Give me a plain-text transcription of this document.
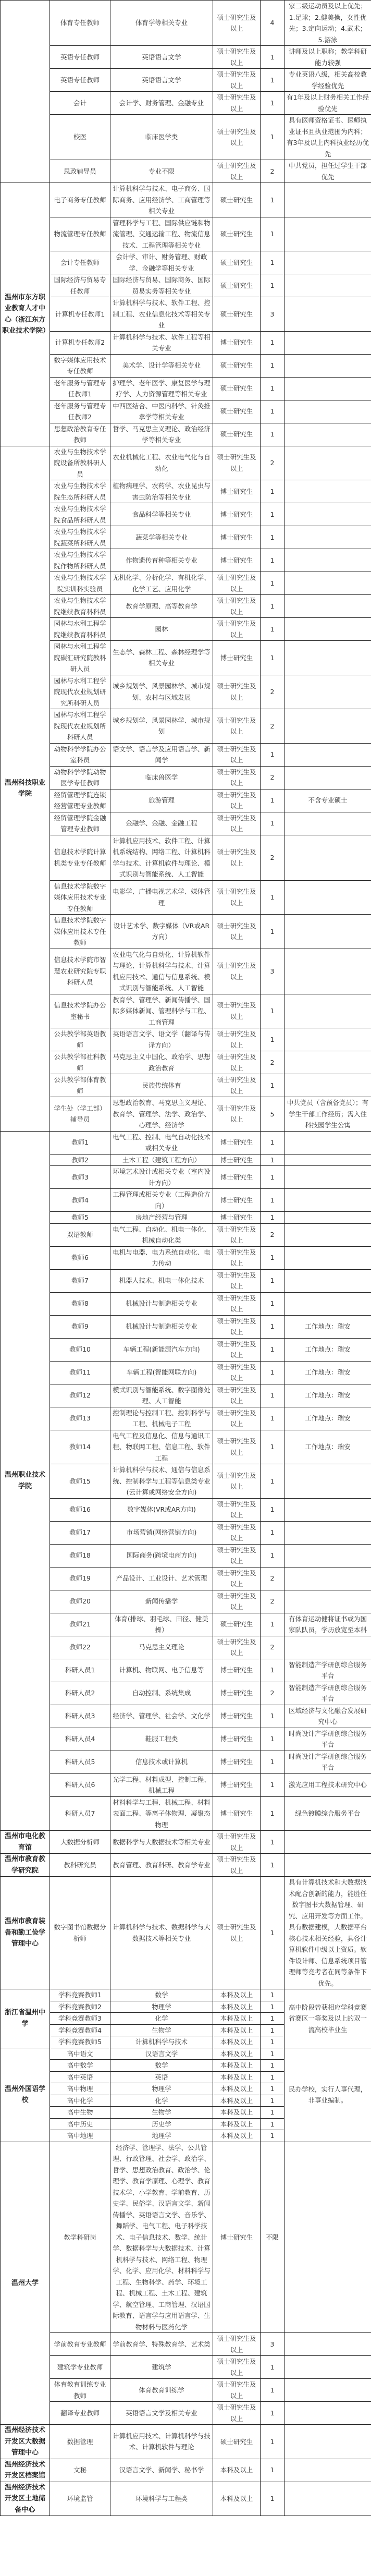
	体育专任教师	体育学等相关专业	硕士研究生及以上	4	家二级运动员及以上优先；1.足球；2.健美操，女性优先；3.定向运动；4.武术；5.游泳
	英语专任教师	英语语言文学	硕士研究生及以上	1	讲师及以上职称；教学科研能力较强
	英语专任教师	英语语言文学	硕士研究生及以上	1	专业英语八级，相关高校教学经验优先
	会计	会计学、财务管理、金融专业	硕士研究生及以上	1	有1年及以上财务相关工作经验优先
	校医	临床医学类	硕士研究生及以上	1	具有医师资格证书、医师执业证书且执业范围为内科；有3年及以上内科执业经历优先
	思政辅导员	专业不限	硕士研究生及以上	2	中共党员，担任过学生干部优先
温州市东方职业教育人才中心（浙江东方职业技术学院）	电子商务专任教师	计算机科学与技术、电子商务、国际商务、应用经济学、工商管理等相关专业	硕士研究生	1	
	物流管理专任教师	管理科学与工程、国际供应链和物流管理、交通运输工程、物流信息技术、工程管理等相关专业	硕士研究生	1	
	会计专任教师	会计学、审计、财务管理、财政学、金融学等相关专业	硕士研究生	1	
	国际经济与贸易专任教师	国际经济与贸易、国际商务、国际贸易实务等相关专业	硕士研究生	1	
	计算机专任教师1	计算机科学与技术、软件工程、控制工程、农业信息化技术等相关专业	硕士研究生	3	
	计算机专任教师2	计算机科学与技术、软件工程等相关专业	博士研究生	1	
	数字媒体应用技术专任教师	美术学、设计学等相关专业	硕士研究生	1	
	老年服务与管理专任教师1	护理学、老年医学、康复医学与理疗学、人力资源管理等相关专业	硕士研究生	1	
	老年服务与管理专任教师2	中西医结合、中医内科学、针灸推拿学等相关专业	硕士研究生	1	
	思想政治教育专任教师	哲学、马克思主义理论、政治经济学等相关专业	硕士研究生	1	
温州科技职业学院	农业与生物技术学院设备所教科研人员	农业机械化工程、农业电气化与自动化	硕士研究生及以上	2	
	农业与生物技术学院生态所科研人员	植物病理学、农药学、农业昆虫与害虫防治等相关专业	博士研究生	1	
	农业与生物技术学院食品所科研人员	食品科学等相关专业	博士研究生	1	
	农业与生物技术学院蔬菜所科研人员	蔬菜学等相关专业	博士研究生	1	
	农业与生物技术学院作物所科研人员	作物遗传育种等相关专业	博士研究生	1	
	农业与生物技术学院实训科实验员	无机化学、分析化学、有机化学、化学工艺、应用化学	硕士研究生及以上	1	
	农业与生物技术学院继续教育科科员	教育学原理、高等教育学	硕士研究生及以上	1	
	园林与水利工程学院继续教育科科员	园林	硕士研究生及以上	1	
	园林与水利工程学院碳汇研究院教科研人员	生态学、森林工程、森林经理学等相关专业	博士研究生	1	
	园林与水利工程学院现代农业规划研究所科研人员	城乡规划学、风景园林学、城市规划、农村与区域发展	硕士研究生及以上	2	
	园林与水利工程学院现代农业规划所科研人员	城乡规划学、风景园林学、城市规划	硕士研究生及以上	2	
	动物科学学院办公室科员	语文学、语言学及应用语言学、新闻学	硕士研究生及以上	1	
	动物科学学院动物医学专任教师	临床兽医学	硕士研究生及以上	2	
	经贸管理学院连锁经营管理专业教师	旅游管理	硕士研究生及以上	1	不含专业硕士
	经贸管理学院金融管理专业教师	金融学、金融、金融工程	硕士研究生及以上	1	
	信息技术学院计算机类专业专任教师	计算机应用技术、软件工程、计算机系统结构、网络工程、计算机科学与技术、计算机软件与理论、模式识别与智能系统、人工智能	硕士研究生及以上	2	
	信息技术学院数字媒体应用技术专业专任教师	电影学、广播电视艺术学、媒体管理	硕士研究生及以上	1	
	信息技术学院数字媒体应用技术专任教师	设计艺术学、数字媒体（VR或AR方向）	硕士研究生及以上	1	
	信息技术学院市智慧农业研究院专职科研人员	农业电气化与自动化、计算机软件与理论、计算机科学与技术、计算机应用技术、通信与信息系统、模式识别与智能系统、人工智能	硕士研究生及以上	3	
	信息技术学院办公室秘书	教育学、管理学、新闻传播学、国际多媒体新闻、管理科学与工程、工商管理	硕士研究生及以上	1	
	公共教学部英语教师	英语语言文学、语文学（翻译与传译方向）	硕士研究生及以上	1	
	公共教学部社科教师	马克思主义中国化、政治学、思想政治教育	硕士研究生及以上	2	
	公共教学部体育教师	民族传统体育	硕士研究生及以上	1	
	学生处（学工部）辅导员	思想政治教育、马克思主义理论、教育学、管理学、法学、政治学、心理学、经济学	硕士研究生及以上	5	中共党员（含预备党员）；有学生干部工作经历；需入住科技园学生公寓
温州职业技术学院	教师1	电气工程、控制、电气自动化技术或相关专业	博士研究生	1	
	教师2	土木工程（建筑工程方向）	博士研究生	1	
	教师3	环境艺术设计或相关专业（室内设计方向）	博士研究生	1	
	教师4	工程管理或相关专业（工程造价方向）	博士研究生	1	
	教师5	房地产经营与管理	博士研究生	1	
	双语教师	电气工程、自动化、机电一体化、机械自动化类	硕士研究生及以上	2	
	教师6	电机与电器、电力系统自动化、电力传动	硕士研究生及以上	1	
	教师7	机器人技术、机电一体化技术	硕士研究生及以上	1	
	教师8	机械设计与制造相关专业	硕士研究生及以上	1	
	教师9	机械设计与制造相关专业	硕士研究生及以上	1	工作地点：瑞安
	教师10	车辆工程(新能源汽车方向)	硕士研究生及以上	1	工作地点：瑞安
	教师11	车辆工程(智能网联方向)	硕士研究生及以上	1	工作地点：瑞安
	教师12	模式识别与智能系统、数字图像处理、人工智能	硕士研究生及以上	1	工作地点：瑞安
	教师13	控制理论与控制工程、控制科学与工程、机械电子工程	硕士研究生及以上	1	工作地点：瑞安
	教师14	电气工程及信息化、信息与通讯工程、物联网工程、信息工程、软件工程	硕士研究生及以上	1	工作地点：瑞安
	教师15	计算机科学与技术、通信与信息系统、控制科学与工程等信息类专业(云计算或网络安全方向)	硕士研究生及以上	1	
	教师16	数字媒体(VR或AR方向)	硕士研究生及以上	1	
	教师17	市场营销(网络营销方向)	硕士研究生及以上	1	
	教师18	国际商务(跨境电商方向)	硕士研究生及以上	1	
	教师19	产品设计、工业设计、艺术管理	硕士研究生及以上	2	
	教师20	新闻传播学	硕士研究生及以上	2	
	教师21	体育(排球、羽毛球、田径、健美操）	硕士研究生	1	有体育运动健将证书或为国家队队员，学历放宽至本科
	教师22	马克思主义理论	硕士研究生及以上	2	
	科研人员1	计算机、物联网、电子信息等	博士研究生	1	智能制造产学研创综合服务平台
	科研人员2	自动控制、系统集成	博士研究生	2	智能制造产学研创综合服务平台
	科研人员3	经济学、管理学、社会学、文化学	博士研究生	1	区域经济与文化融合发展研究中心
	科研人员4	鞋服工程类	博士研究生	1	时尚设计产学研创综合服务平台
	科研人员5	信息技术或计算机	博士研究生	1	时尚设计产学研创综合服务平台
	科研人员6	光学工程、材料成型、控制工程、机械工程	博士研究生	1	激光应用工程技术研究中心
	科研人员7	材料科学与工程、机械工程、材料表面工程、等离子体物理、凝聚态物理	博士研究生	1	绿色镀膜综合服务平台
温州市电化教育馆	大数据分析师	数据科学与大数据技术等相关专业	硕士研究生及以上	1	
温州市教育教学研究院	教科研究员	教育管理、教育科研、教育学专业	硕士研究生及以上	1	
温州市教育装备和勤工俭学管理中心	数字图书馆数据分析师	计算机科学与技术、数据科学与大数据技术等相关专业	硕士研究生及以上	1	具有计算机技术和大数据技术配合创新的能力，能胜任数字图书大数据管理、研究、应用开发等方面工作。具有数据建模，大数据平台核心技术相关经验，具备计算机软件中级以上资质。软件设计师、信息系统项目管理师等竞考者在同等条件下优先。
浙江省温州中学	学科竞赛教师1	数学	本科及以上	1	高中阶段曾获相应学科竞赛省赛区一等奖及以上的双一流高校毕业生
	学科竞赛教师2	物理学	本科及以上	1	
	学科竞赛教师3	化学	本科及以上	1	
	学科竞赛教师4	生物学	本科及以上	1	
	学科竞赛教师5	计算机科学与技术	本科及以上	1	
温州外国语学校	高中语文	汉语言文学	本科及以上	1	民办学校，实行人事代理，非事业编制。
	高中数学	数学	本科及以上	1	
	高中英语	英语	本科及以上	1	
	高中物理	物理学	本科及以上	1	
	高中化学	化学	本科及以上	1	
	高中生物	生物学	本科及以上	1	
	高中历史	历史学	本科及以上	1	
	高中地理	地理学	本科及以上	1	
温州大学	教学科研岗	经济学、管理学、法学、公共管理、行政管理、社会学、政治学、哲学、思想政治教育、政治学、伦理学、教育学原理、心理学、教育技术学、小学教育、学前教育、历史学、民俗学、汉语言文学、新闻传播学、英语语言文学、音乐学、舞蹈学、电气工程、电子科学技术、电子信息技术、数学、统计学、数据科学与大数据技术、计算机科学与技术、网络工程、物理学、化学、应用化学、材料科学与工程、生物科学、药学、环境工程、机械工程、土木工程、建筑学、航空管理、工商管理、汉语国际教育、语言学与应用语言学、生物材料与医药化学	博士研究生	不限	
	学前教育专业教师	学前教育学、特殊教育学、艺术类	硕士研究生及以上	3	
	建筑学专业教师	建筑学	硕士研究生及以上	1	
	体育教育训练专业教师	体育教育训练学	硕士研究生及以上	1	
	翻译专业教师	英语语言文学及相关专业	硕士研究生及以上	1	
温州经济技术开发区大数据管理中心	数据管理	计算机应用技术、计算机科学与技术、计算机软件与理论	硕士研究生	1	
温州经济技术开发区档案馆	文秘	汉语言文学、新闻学、秘书学	本科及以上	1	
温州经济技术开发区土地储备中心	环境监管	环境科学与工程类	本科及以上	1	
